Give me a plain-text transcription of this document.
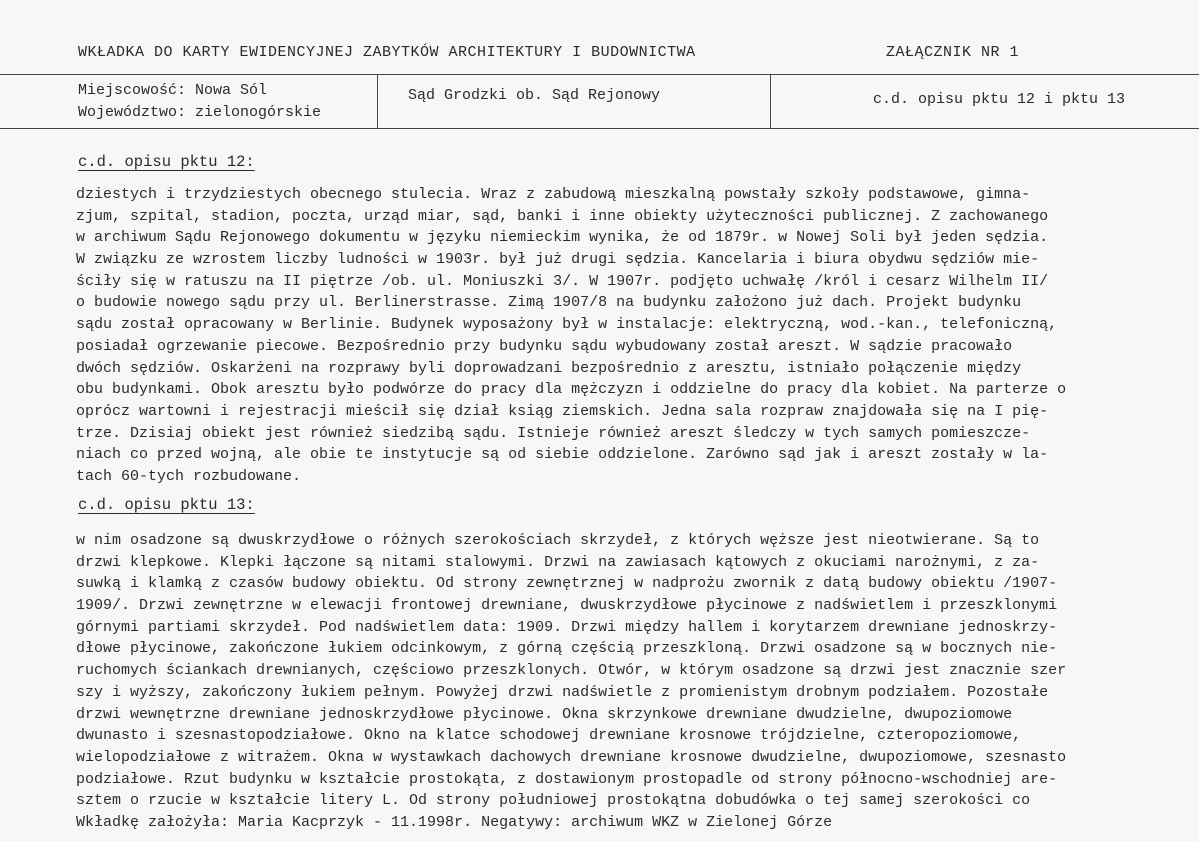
WKŁADKA DO KARTY EWIDENCYJNEJ ZABYTKÓW ARCHITEKTURY I BUDOWNICTWA	ZAŁĄCZNIK NR 1
Miejscowość: Nowa Sól
Województwo: zielonogórskie
Sąd Grodzki ob. Sąd Rejonowy	c.d. opisu pktu 12 i pktu 13
c.d. opisu pktu 12:
dziestych i trzydziestych obecnego stulecia. Wraz z zabudową mieszkalną powstały szkoły podstawowe, gimna-
zjum, szpital, stadion, poczta, urząd miar, sąd, banki i inne obiekty użyteczności publicznej. Z zachowanego
w archiwum Sądu Rejonowego dokumentu w języku niemieckim wynika, że od 1879r. w Nowej Soli był jeden sędzia.
W związku ze wzrostem liczby ludności w 1903r. był już drugi sędzia. Kancelaria i biura obydwu sędziów mie-
ściły się w ratuszu na II piętrze /ob. ul. Moniuszki 3/. W 1907r. podjęto uchwałę /król i cesarz Wilhelm II/
o budowie nowego sądu przy ul. Berlinerstrasse. Zimą 1907/8 na budynku założono już dach. Projekt budynku
sądu został opracowany w Berlinie. Budynek wyposażony był w instalacje: elektryczną, wod.-kan., telefoniczną,
posiadał ogrzewanie piecowe. Bezpośrednio przy budynku sądu wybudowany został areszt. W sądzie pracowało
dwóch sędziów. Oskarżeni na rozprawy byli doprowadzani bezpośrednio z aresztu, istniało połączenie między
obu budynkami. Obok aresztu było podwórze do pracy dla mężczyzn i oddzielne do pracy dla kobiet. Na parterze o
oprócz wartowni i rejestracji mieścił się dział ksiąg ziemskich. Jedna sala rozpraw znajdowała się na I pię-
trze. Dzisiaj obiekt jest również siedzibą sądu. Istnieje również areszt śledczy w tych samych pomieszcze-
niach co przed wojną, ale obie te instytucje są od siebie oddzielone. Zarówno sąd jak i areszt zostały w la-
tach 60-tych rozbudowane.
c.d. opisu pktu 13:
w nim osadzone są dwuskrzydłowe o różnych szerokościach skrzydeł, z których węższe jest nieotwierane. Są to
drzwi klepkowe. Klepki łączone są nitami stalowymi. Drzwi na zawiasach kątowych z okuciami narożnymi, z za-
suwką i klamką z czasów budowy obiektu. Od strony zewnętrznej w nadprożu zwornik z datą budowy obiektu /1907-
1909/. Drzwi zewnętrzne w elewacji frontowej drewniane, dwuskrzydłowe płycinowe z nadświetlem i przeszklonymi
górnymi partiami skrzydeł. Pod nadświetlem data: 1909. Drzwi między hallem i korytarzem drewniane jednoskrzy-
dłowe płycinowe, zakończone łukiem odcinkowym, z górną częścią przeszkloną. Drzwi osadzone są w bocznych nie-
ruchomych ściankach drewnianych, częściowo przeszklonych. Otwór, w którym osadzone są drzwi jest znacznie szer
szy i wyższy, zakończony łukiem pełnym. Powyżej drzwi nadświetle z promienistym drobnym podziałem. Pozostałe
drzwi wewnętrzne drewniane jednoskrzydłowe płycinowe. Okna skrzynkowe drewniane dwudzielne, dwupoziomowe
dwunasto i szesnastopodziałowe. Okno na klatce schodowej drewniane krosnowe trójdzielne, czteropoziomowe,
wielopodziałowe z witrażem. Okna w wystawkach dachowych drewniane krosnowe dwudzielne, dwupoziomowe, szesnasto
podziałowe. Rzut budynku w kształcie prostokąta, z dostawionym prostopadle od strony północno-wschodniej are-
sztem o rzucie w kształcie litery L. Od strony południowej prostokątna dobudówka o tej samej szerokości co
Wkładkę założyła: Maria Kacprzyk - 11.1998r. Negatywy: archiwum WKZ w Zielonej Górze
